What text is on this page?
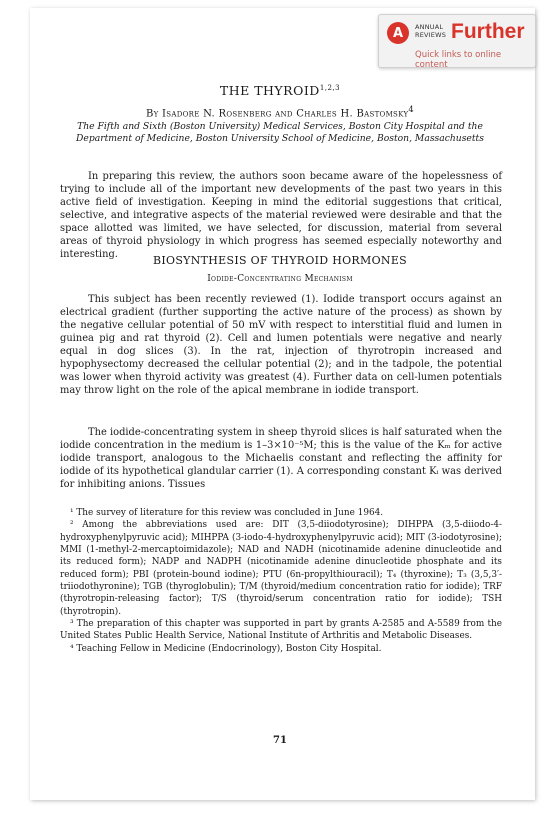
A	ANNUAL
REVIEWS Further
Quick links to online content
THE THYROID$^{1,2,3}$
By Isadore N. Rosenberg and Charles H. Bastomsky$^4$
The Fifth and Sixth (Boston University) Medical Services, Boston City Hospital and the Department of Medicine, Boston University School of Medicine, Boston, Massachusetts

In preparing this review, the authors soon became aware of the hopelessness of trying to include all of the important new developments of the past two years in this active field of investigation. Keeping in mind the editorial suggestions that critical, selective, and integrative aspects of the material reviewed were desirable and that the space allotted was limited, we have selected, for discussion, material from several areas of thyroid physiology in which progress has seemed especially noteworthy and interesting.	BIOSYNTHESIS OF THYROID HORMONES
Iodide-Concentrating Mechanism

This subject has been recently reviewed (1). Iodide transport occurs against an electrical gradient (further supporting the active nature of the process) as shown by the negative cellular potential of 50 mV with respect to interstitial fluid and lumen in guinea pig and rat thyroid (2). Cell and lumen potentials were negative and nearly equal in dog slices (3). In the rat, injection of thyrotropin increased and hypophysectomy decreased the cellular potential (2); and in the tadpole, the potential was lower when thyroid activity was greatest (4). Further data on cell-lumen potentials may throw light on the role of the apical membrane in iodide transport.

The iodide-concentrating system in sheep thyroid slices is half saturated when the iodide concentration in the medium is 1–3×10⁻⁵M; this is the value of the Kₘ for active iodide transport, analogous to the Michaelis constant and reflecting the affinity for iodide of its hypothetical glandular carrier (1). A corresponding constant Kᵢ was derived for inhibiting anions. Tissues

¹ The survey of literature for this review was concluded in June 1964.

² Among the abbreviations used are: DIT (3,5-diiodotyrosine); DIHPPA (3,5-diiodo-4-hydroxyphenylpyruvic acid); MIHPPA (3-iodo-4-hydroxyphenylpyruvic acid); MIT (3-iodotyrosine); MMI (1-methyl-2-mercaptoimidazole); NAD and NADH (nicotinamide adenine dinucleotide and its reduced form); NADP and NADPH (nicotinamide adenine dinucleotide phosphate and its reduced form); PBI (protein-bound iodine); PTU (6n-propylthiouracil); T₄ (thyroxine); T₃ (3,5,3′-triiodothyronine); TGB (thyroglobulin); T/M (thyroid/medium concentration ratio for iodide); TRF (thyrotropin-releasing factor); T/S (thyroid/serum concentration ratio for iodide); TSH (thyrotropin).

³ The preparation of this chapter was supported in part by grants A-2585 and A-5589 from the United States Public Health Service, National Institute of Arthritis and Metabolic Diseases.

⁴ Teaching Fellow in Medicine (Endocrinology), Boston City Hospital.

71
